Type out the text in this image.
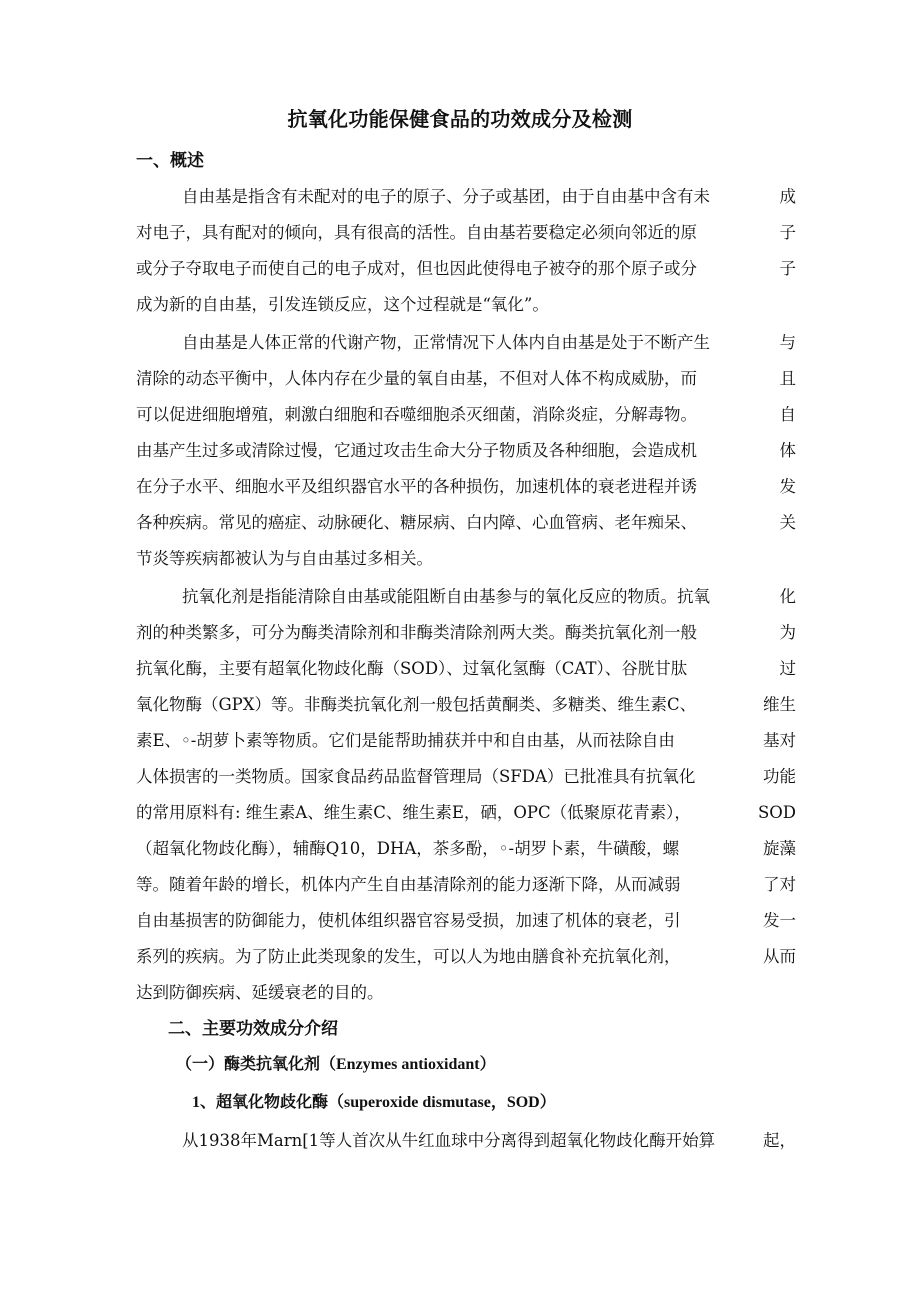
抗氧化功能保健食品的功效成分及检测
一、概述
自由基是指含有未配对的电子的原子、分子或基团，由于自由基中含有未	成
对电子，具有配对的倾向，具有很高的活性。自由基若要稳定必须向邻近的原	子
或分子夺取电子而使自己的电子成对，但也因此使得电子被夺的那个原子或分	子
成为新的自由基，引发连锁反应，这个过程就是“氧化”。
自由基是人体正常的代谢产物，正常情况下人体内自由基是处于不断产生	与
清除的动态平衡中，人体内存在少量的氧自由基，不但对人体不构成威胁，而	且
可以促进细胞增殖，刺激白细胞和吞噬细胞杀灭细菌，消除炎症，分解毒物。	自
由基产生过多或清除过慢，它通过攻击生命大分子物质及各种细胞，会造成机	体
在分子水平、细胞水平及组织器官水平的各种损伤，加速机体的衰老进程并诱	发
各种疾病。常见的癌症、动脉硬化、糖尿病、白内障、心血管病、老年痴呆、	关
节炎等疾病都被认为与自由基过多相关。
抗氧化剂是指能清除自由基或能阻断自由基参与的氧化反应的物质。抗氧	化
剂的种类繁多，可分为酶类清除剂和非酶类清除剂两大类。酶类抗氧化剂一般	为
抗氧化酶，主要有超氧化物歧化酶（SOD）、过氧化氢酶（CAT）、谷胱甘肽	过
氧化物酶（GPX）等。非酶类抗氧化剂一般包括黄酮类、多糖类、维生素C、	维生
素E、◦-胡萝卜素等物质。它们是能帮助捕获并中和自由基，从而祛除自由	基对
人体损害的一类物质。国家食品药品监督管理局（SFDA）已批准具有抗氧化	功能
的常用原料有: 维生素A、维生素C、维生素E，硒，OPC（低聚原花青素），	SOD
（超氧化物歧化酶），辅酶Q10，DHA，茶多酚，◦-胡罗卜素，牛磺酸，螺	旋藻
等。随着年龄的增长，机体内产生自由基清除剂的能力逐渐下降，从而减弱	了对
自由基损害的防御能力，使机体组织器官容易受损，加速了机体的衰老，引	发一
系列的疾病。为了防止此类现象的发生，可以人为地由膳食补充抗氧化剂，	从而
达到防御疾病、延缓衰老的目的。
二、主要功效成分介绍
（一）酶类抗氧化剂（Enzymes antioxidant）
1、超氧化物歧化酶（superoxide dismutase，SOD）
从1938年Marn[1等人首次从牛红血球中分离得到超氧化物歧化酶开始算	起，
